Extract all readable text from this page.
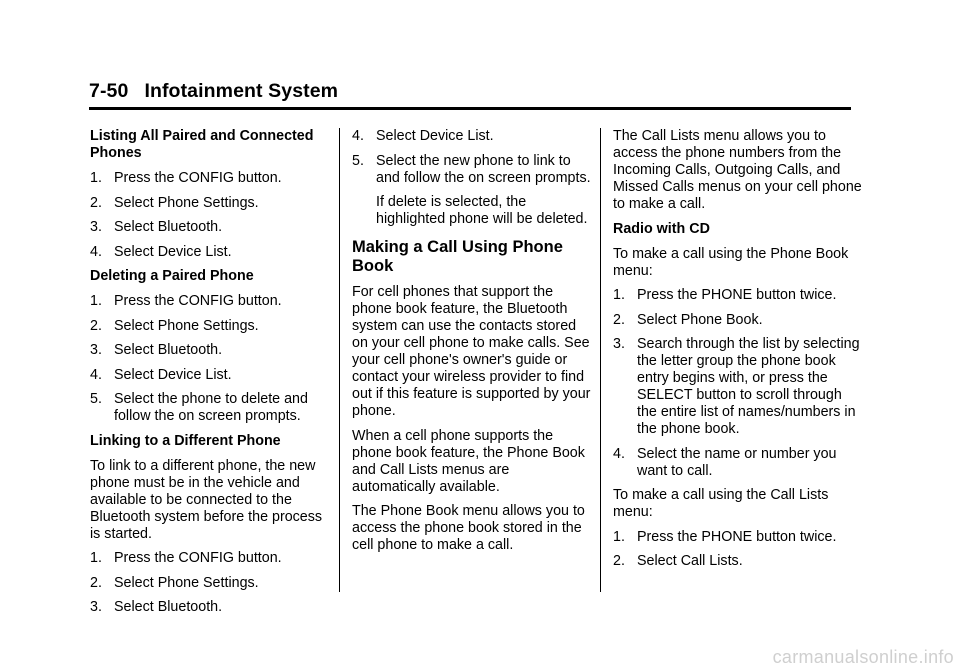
7-50 Infotainment System
Listing All Paired and Connected Phones
1. Press the CONFIG button.
2. Select Phone Settings.
3. Select Bluetooth.
4. Select Device List.
Deleting a Paired Phone
1. Press the CONFIG button.
2. Select Phone Settings.
3. Select Bluetooth.
4. Select Device List.
5. Select the phone to delete and follow the on screen prompts.
Linking to a Different Phone
To link to a different phone, the new phone must be in the vehicle and available to be connected to the Bluetooth system before the process is started.
1. Press the CONFIG button.
2. Select Phone Settings.
3. Select Bluetooth.
4. Select Device List.
5. Select the new phone to link to and follow the on screen prompts.
If delete is selected, the highlighted phone will be deleted.
Making a Call Using Phone Book
For cell phones that support the phone book feature, the Bluetooth system can use the contacts stored on your cell phone to make calls. See your cell phone's owner's guide or contact your wireless provider to find out if this feature is supported by your phone.
When a cell phone supports the phone book feature, the Phone Book and Call Lists menus are automatically available.
The Phone Book menu allows you to access the phone book stored in the cell phone to make a call.
The Call Lists menu allows you to access the phone numbers from the Incoming Calls, Outgoing Calls, and Missed Calls menus on your cell phone to make a call.
Radio with CD
To make a call using the Phone Book menu:
1. Press the PHONE button twice.
2. Select Phone Book.
3. Search through the list by selecting the letter group the phone book entry begins with, or press the SELECT button to scroll through the entire list of names/numbers in the phone book.
4. Select the name or number you want to call.
To make a call using the Call Lists menu:
1. Press the PHONE button twice.
2. Select Call Lists.
carmanualsonline.info
